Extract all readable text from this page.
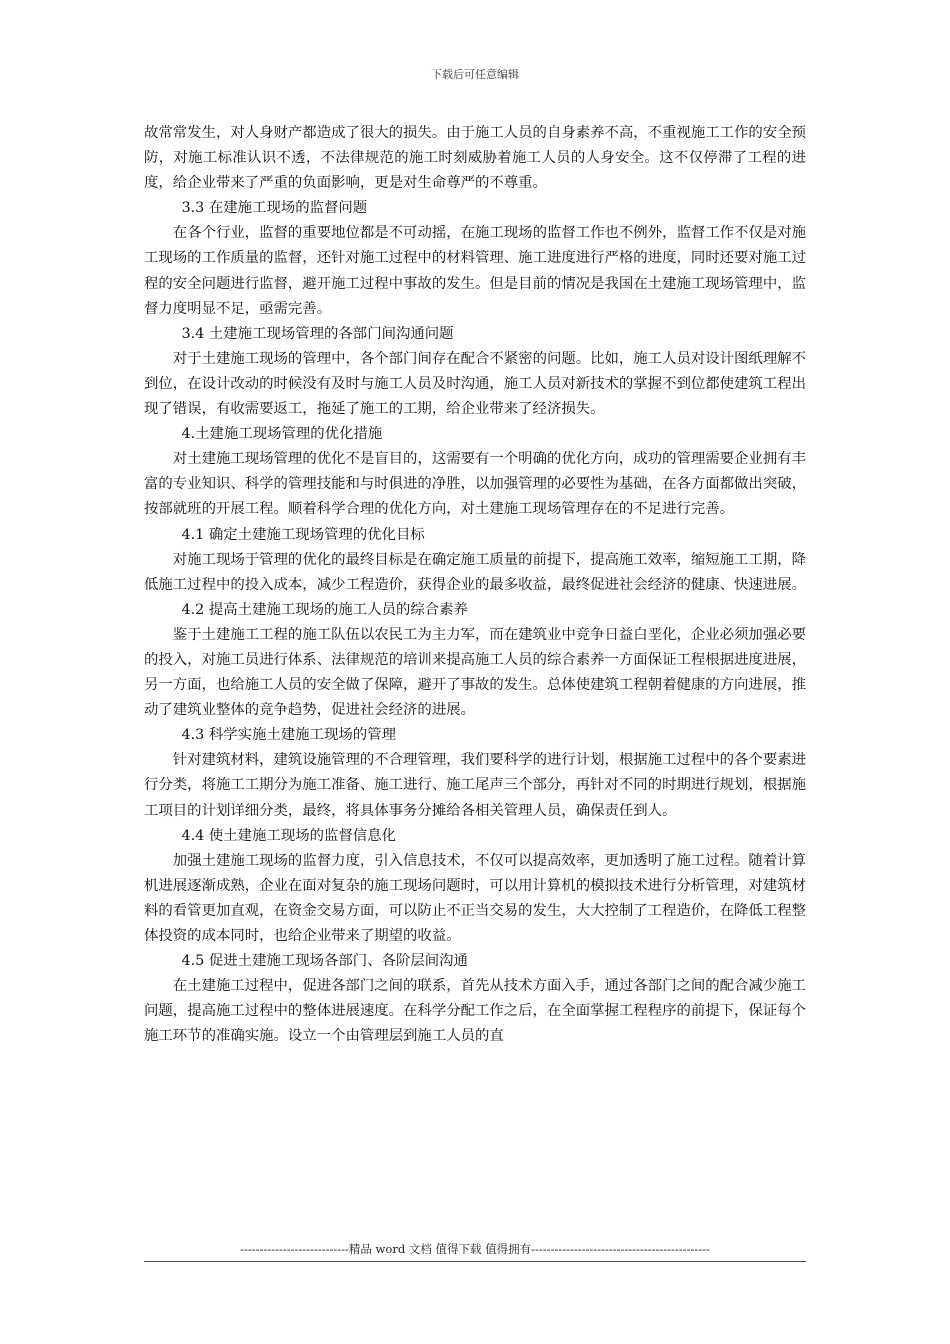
下载后可任意编辑

故常常发生，对人身财产都造成了很大的损失。由于施工人员的自身素养不高，不重视施工工作的安全预防，对施工标准认识不透，不法律规范的施工时刻威胁着施工人员的人身安全。这不仅停滞了工程的进度，给企业带来了严重的负面影响，更是对生命尊严的不尊重。

3.3 在建施工现场的监督问题

在各个行业，监督的重要地位都是不可动摇，在施工现场的监督工作也不例外，监督工作不仅是对施工现场的工作质量的监督，还针对施工过程中的材料管理、施工进度进行严格的进度，同时还要对施工过程的安全问题进行监督，避开施工过程中事故的发生。但是目前的情况是我国在土建施工现场管理中，监督力度明显不足，亟需完善。

3.4 土建施工现场管理的各部门间沟通问题

对于土建施工现场的管理中，各个部门间存在配合不紧密的问题。比如，施工人员对设计图纸理解不到位，在设计改动的时候没有及时与施工人员及时沟通，施工人员对新技术的掌握不到位都使建筑工程出现了错误，有收需要返工，拖延了施工的工期，给企业带来了经济损失。

4.土建施工现场管理的优化措施

对土建施工现场管理的优化不是盲目的，这需要有一个明确的优化方向，成功的管理需要企业拥有丰富的专业知识、科学的管理技能和与时俱进的净胜，以加强管理的必要性为基础，在各方面都做出突破，按部就班的开展工程。顺着科学合理的优化方向，对土建施工现场管理存在的不足进行完善。

4.1 确定土建施工现场管理的优化目标

对施工现场于管理的优化的最终目标是在确定施工质量的前提下，提高施工效率，缩短施工工期，降低施工过程中的投入成本，减少工程造价，获得企业的最多收益，最终促进社会经济的健康、快速进展。

4.2 提高土建施工现场的施工人员的综合素养

鉴于土建施工工程的施工队伍以农民工为主力军，而在建筑业中竞争日益白垩化，企业必须加强必要的投入，对施工员进行体系、法律规范的培训来提高施工人员的综合素养一方面保证工程根据进度进展，另一方面，也给施工人员的安全做了保障，避开了事故的发生。总体使建筑工程朝着健康的方向进展，推动了建筑业整体的竞争趋势，促进社会经济的进展。

4.3 科学实施土建施工现场的管理

针对建筑材料，建筑设施管理的不合理管理，我们要科学的进行计划，根据施工过程中的各个要素进行分类，将施工工期分为施工准备、施工进行、施工尾声三个部分，再针对不同的时期进行规划，根据施工项目的计划详细分类，最终，将具体事务分摊给各相关管理人员，确保责任到人。

4.4 使土建施工现场的监督信息化

加强土建施工现场的监督力度，引入信息技术，不仅可以提高效率，更加透明了施工过程。随着计算机进展逐渐成熟，企业在面对复杂的施工现场问题时，可以用计算机的模拟技术进行分析管理，对建筑材料的看管更加直观，在资金交易方面，可以防止不正当交易的发生，大大控制了工程造价，在降低工程整体投资的成本同时，也给企业带来了期望的收益。

4.5 促进土建施工现场各部门、各阶层间沟通

在土建施工过程中，促进各部门之间的联系，首先从技术方面入手，通过各部门之间的配合减少施工问题，提高施工过程中的整体进展速度。在科学分配工作之后，在全面掌握工程程序的前提下，保证每个施工环节的准确实施。设立一个由管理层到施工人员的直

----------------------------精品 word 文档 值得下载 值得拥有----------------------------------------------
